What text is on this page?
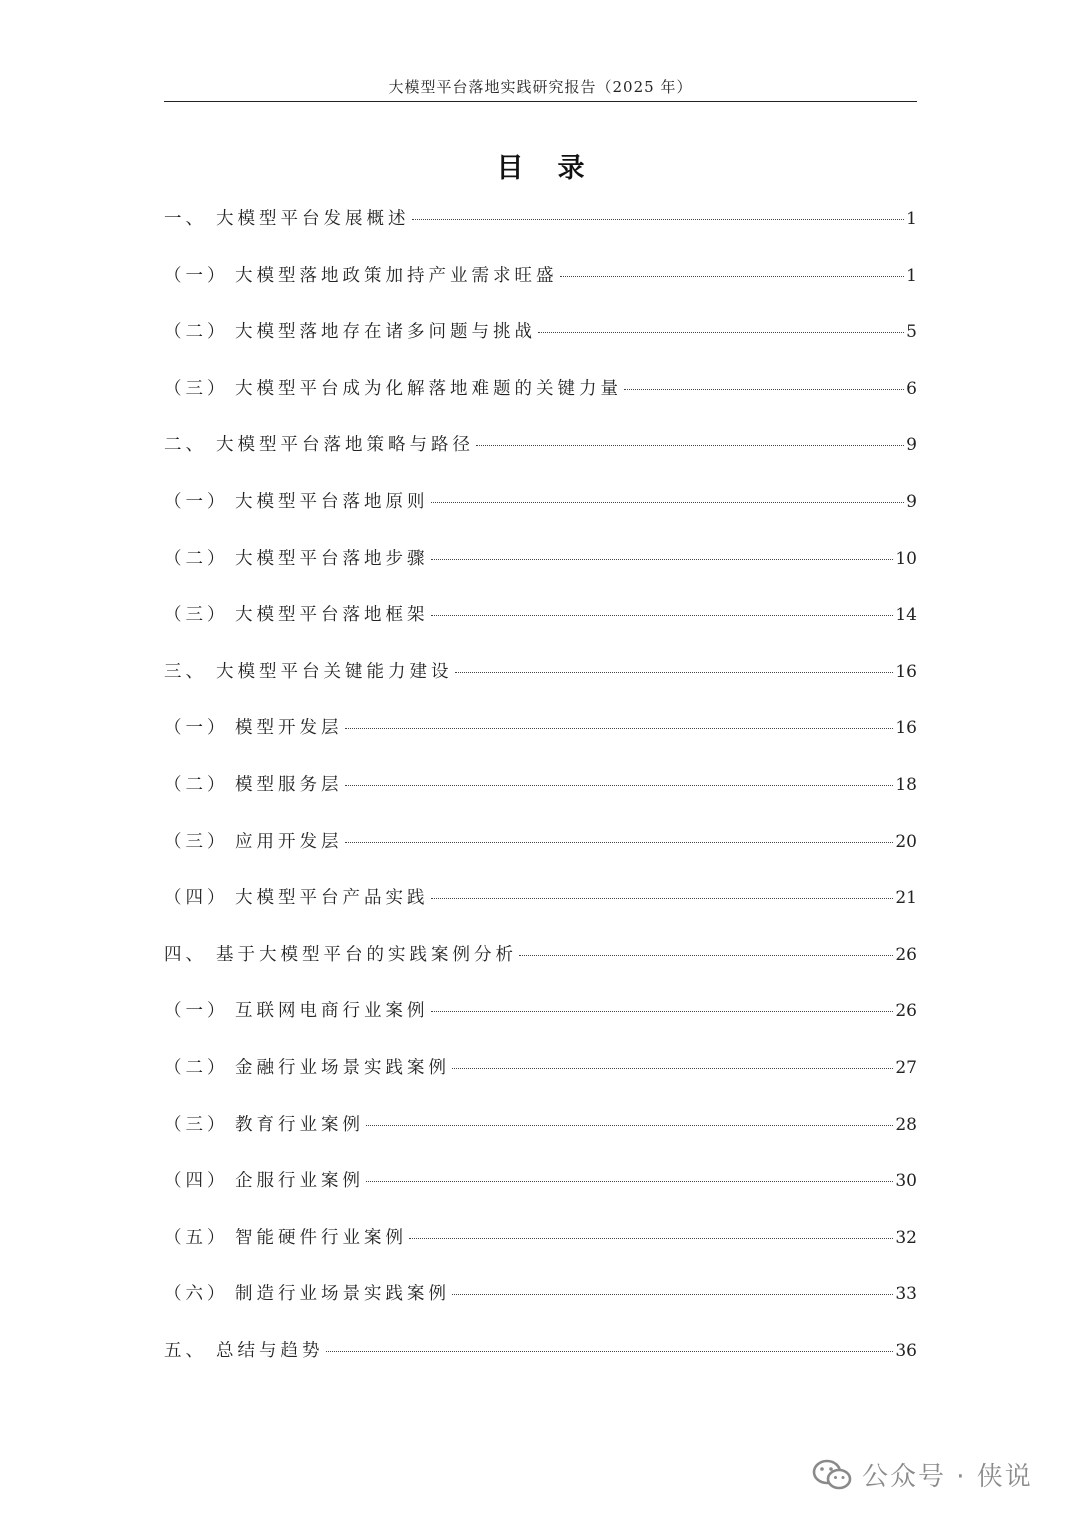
大模型平台落地实践研究报告（2025 年）
目录
一、 大模型平台发展概述	1
（一） 大模型落地政策加持产业需求旺盛	1
（二） 大模型落地存在诸多问题与挑战	5
（三） 大模型平台成为化解落地难题的关键力量	6
二、 大模型平台落地策略与路径	9
（一） 大模型平台落地原则	9
（二） 大模型平台落地步骤	10
（三） 大模型平台落地框架	14
三、 大模型平台关键能力建设	16
（一） 模型开发层	16
（二） 模型服务层	18
（三） 应用开发层	20
（四） 大模型平台产品实践	21
四、 基于大模型平台的实践案例分析	26
（一） 互联网电商行业案例	26
（二） 金融行业场景实践案例	27
（三） 教育行业案例	28
（四） 企服行业案例	30
（五） 智能硬件行业案例	32
（六） 制造行业场景实践案例	33
五、 总结与趋势	36
公众号 · 侠说
